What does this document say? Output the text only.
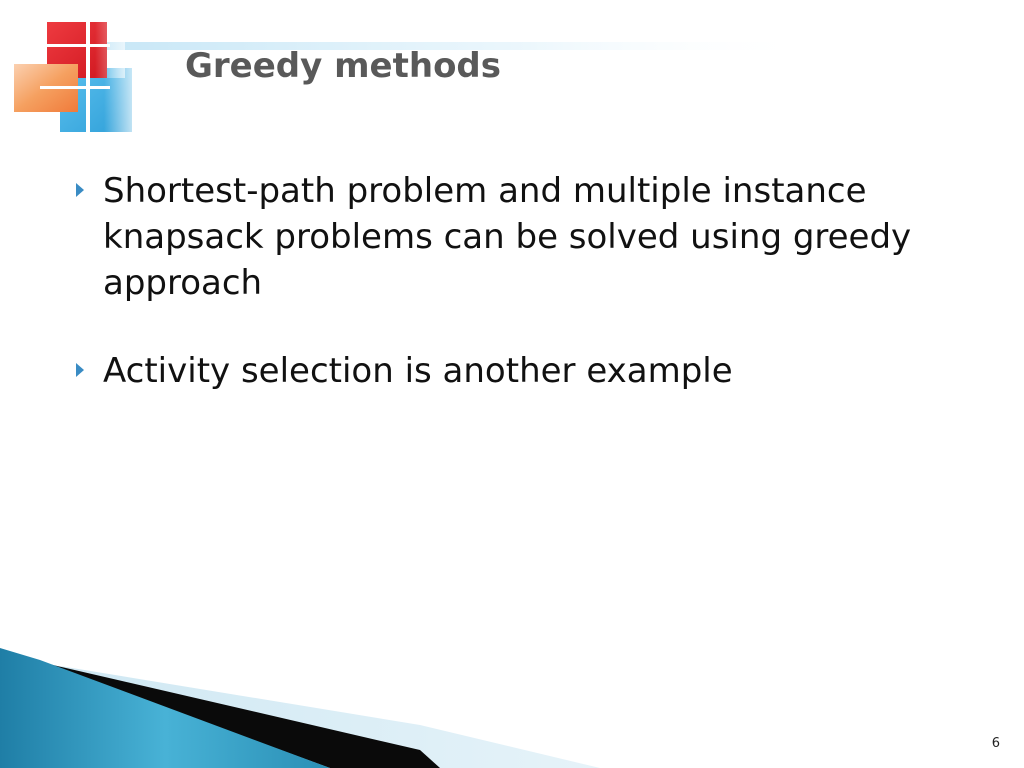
Greedy methods
Shortest-path problem and multiple instance knapsack problems can be solved using greedy approach
Activity selection is another example
6
